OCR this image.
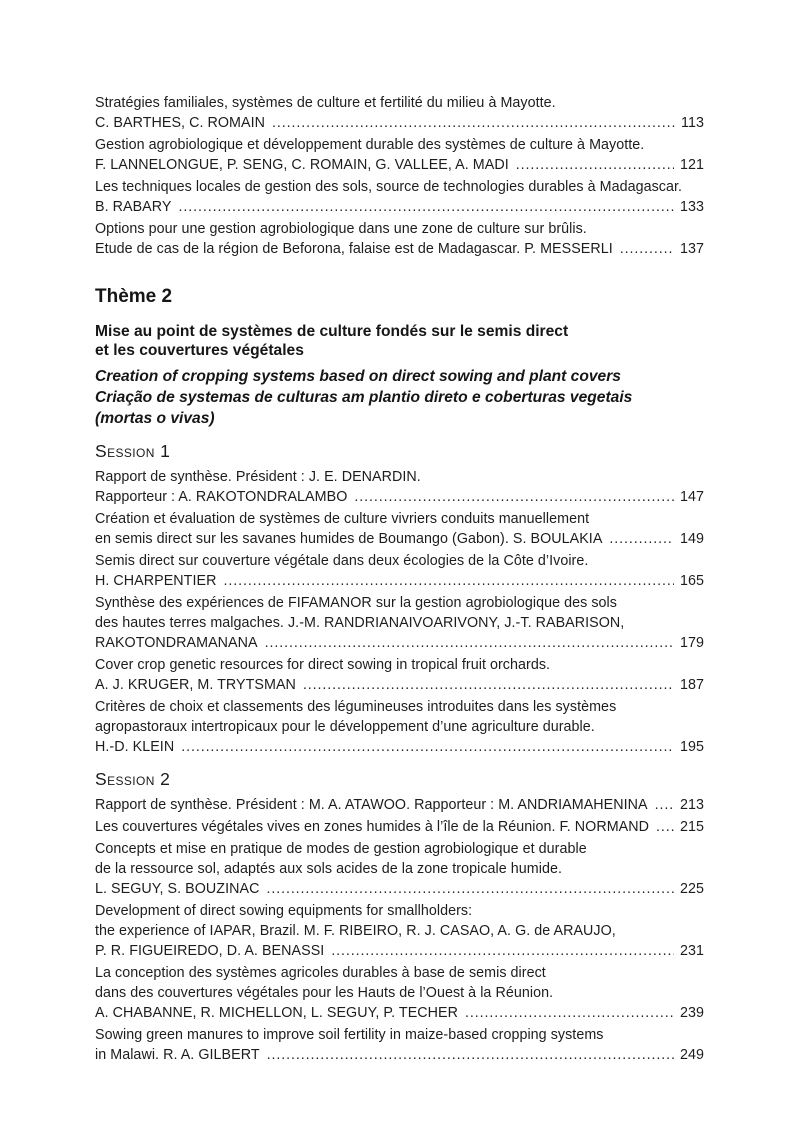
Stratégies familiales, systèmes de culture et fertilité du milieu à Mayotte.
C. BARTHES, C. ROMAIN .....	113
Gestion agrobiologique et développement durable des systèmes de culture à Mayotte.
F. LANNELONGUE, P. SENG, C. ROMAIN, G. VALLEE, A. MADI .....	121
Les techniques locales de gestion des sols, source de technologies durables à Madagascar.
B. RABARY .....	133
Options pour une gestion agrobiologique dans une zone de culture sur brûlis.
Etude de cas de la région de Beforona, falaise est de Madagascar. P. MESSERLI .....	137
Thème 2
Mise au point de systèmes de culture fondés sur le semis direct
et les couvertures végétales
Creation of cropping systems based on direct sowing and plant covers
Criação de systemas de culturas am plantio direto e coberturas vegetais
(mortas o vivas)
Session 1
Rapport de synthèse. Président : J. E. DENARDIN.
Rapporteur : A. RAKOTONDRALAMBO .....	147
Création et évaluation de systèmes de culture vivriers conduits manuellement
en semis direct sur les savanes humides de Boumango (Gabon). S. BOULAKIA .....	149
Semis direct sur couverture végétale dans deux écologies de la Côte d’Ivoire.
H. CHARPENTIER .....	165
Synthèse des expériences de FIFAMANOR sur la gestion agrobiologique des sols
des hautes terres malgaches. J.-M. RANDRIANAIVOARIVONY, J.-T. RABARISON,
RAKOTONDRAMANANA .....	179
Cover crop genetic resources for direct sowing in tropical fruit orchards.
A. J. KRUGER, M. TRYTSMAN .....	187
Critères de choix et classements des légumineuses introduites dans les systèmes
agropastoraux intertropicaux pour le développement d’une agriculture durable.
H.-D. KLEIN .....	195
Session 2
Rapport de synthèse. Président : M. A. ATAWOO. Rapporteur : M. ANDRIAMAHENINA ..... 213
Les couvertures végétales vives en zones humides à l’île de la Réunion. F. NORMAND ..... 215
Concepts et mise en pratique de modes de gestion agrobiologique et durable
de la ressource sol, adaptés aux sols acides de la zone tropicale humide.
L. SEGUY, S. BOUZINAC .....	225
Development of direct sowing equipments for smallholders:
the experience of IAPAR, Brazil. M. F. RIBEIRO, R. J. CASAO, A. G. de ARAUJO,
P. R. FIGUEIREDO, D. A. BENASSI .....	231
La conception des systèmes agricoles durables à base de semis direct
dans des couvertures végétales pour les Hauts de l’Ouest à la Réunion.
A. CHABANNE, R. MICHELLON, L. SEGUY, P. TECHER .....	239
Sowing green manures to improve soil fertility in maize-based cropping systems
in Malawi. R. A. GILBERT .....	249
